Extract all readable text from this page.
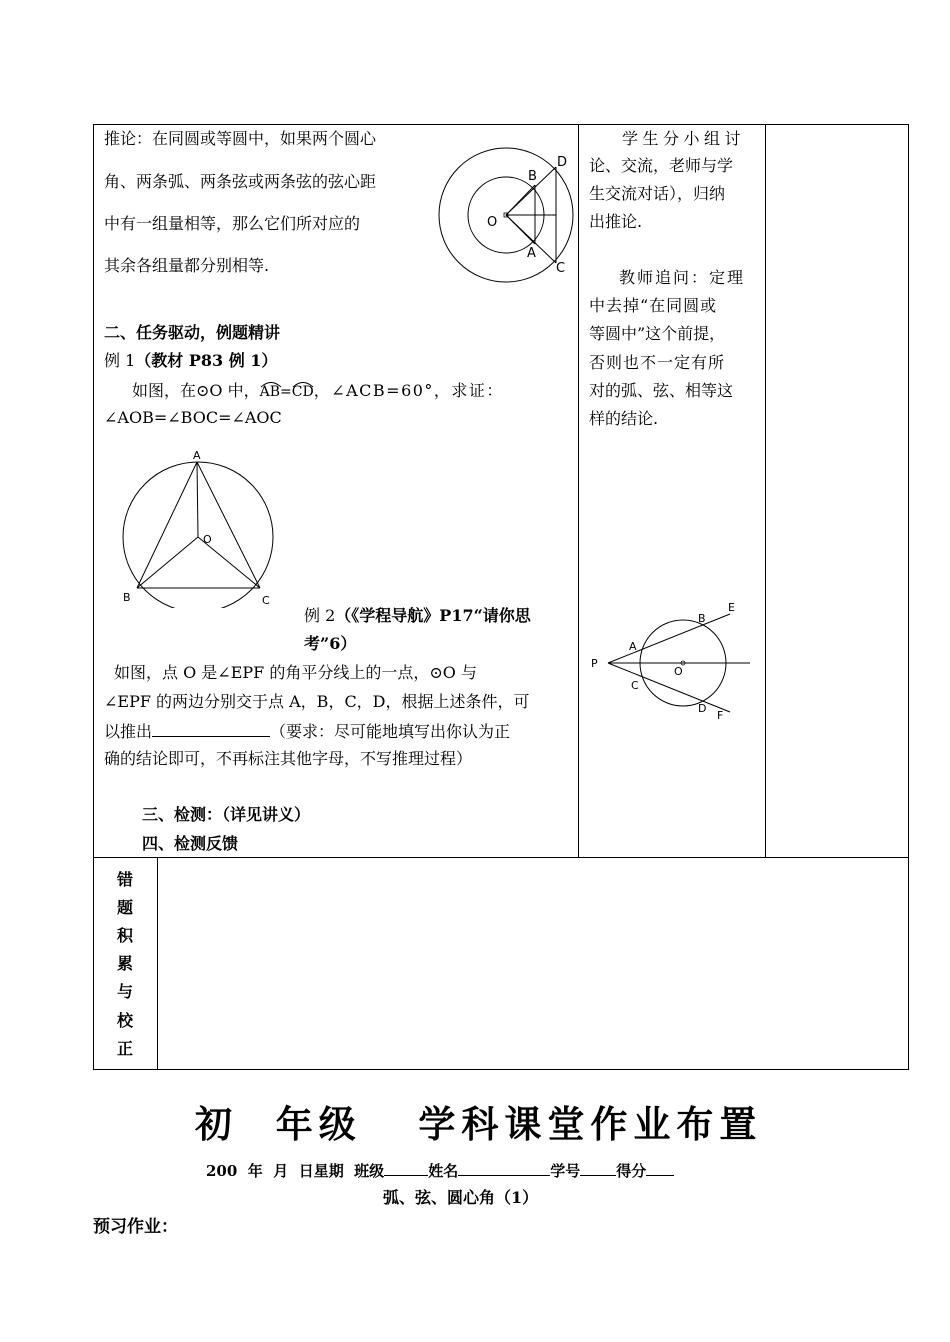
推论：在同圆或等圆中，如果两个圆心
角、两条弧、两条弦或两条弦的弦心距
中有一组量相等，那么它们所对应的
其余各组量都分别相等.
二、任务驱动，例题精讲
例 1（教材 P83 例 1）
如图，在⊙O 中，
AB=
CD，∠ACB=60°，求证：
∠AOB=∠BOC=∠AOC
D
B
O
A
C
A
O
B	C
例 2（《学程导航》P17“请你思
考”6）
如图，点 O 是∠EPF 的角平分线上的一点，⊙O 与
∠EPF 的两边分别交于点 A，B，C，D，根据上述条件，可
以推出	（要求：尽可能地填写出你认为正
确的结论即可，不再标注其他字母，不写推理过程）
三、检测：（详见讲义）
四、检测反馈
学生分小组讨
论、交流，老师与学
生交流对话），归纳
出推论.
教师追问：定理
中去掉“在同圆或
等圆中”这个前提，
否则也不一定有所
对的弧、弦、相等这
样的结论.
E
B
A
P
O
C
D
F
错
题
积
累
与
校
正
初  年级   学科课堂作业布置
200 年 月 日星期 班级	姓名	学号 得分
弧、弦、圆心角（1）
预习作业：
